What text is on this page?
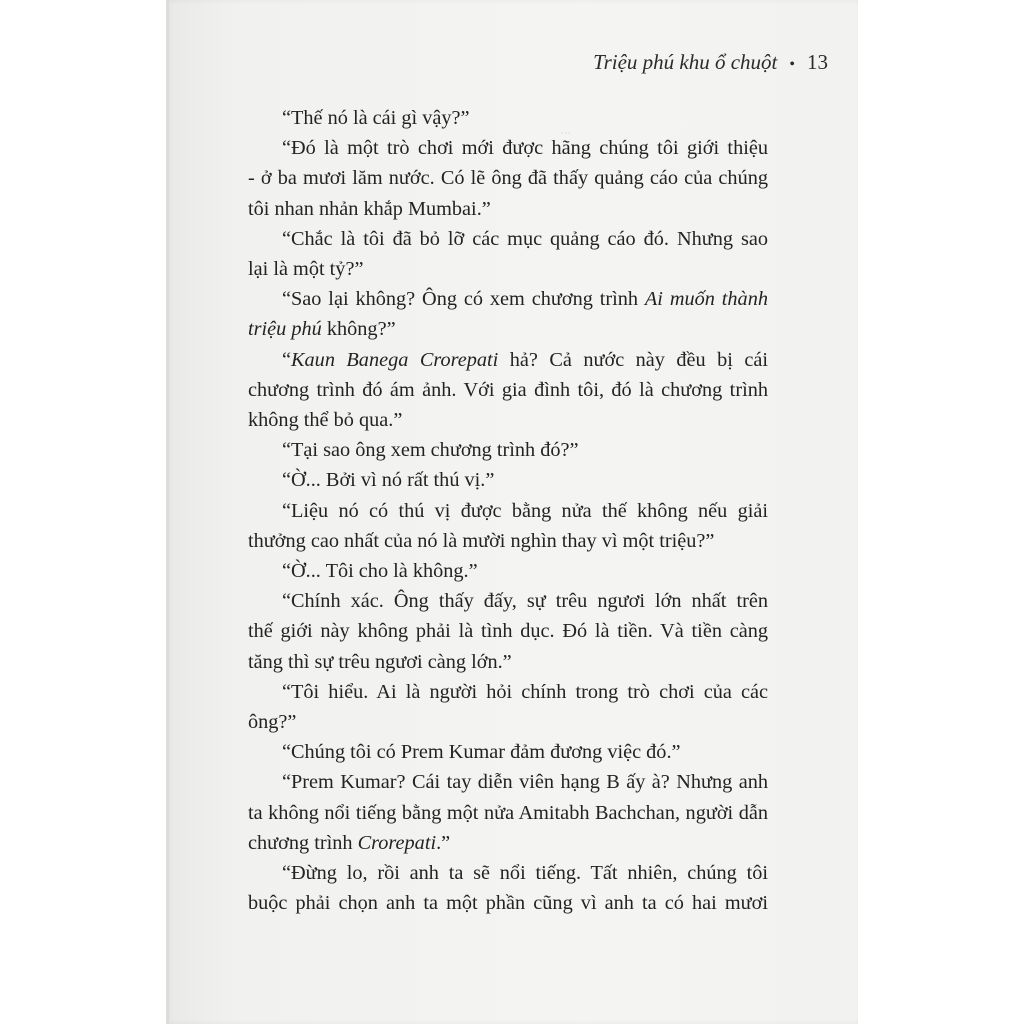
Triệu phú khu ổ chuột • 13

“Thế nó là cái gì vậy?”

“Đó là một trò chơi mới được hãng chúng tôi giới thiệu

- ở ba mươi lăm nước. Có lẽ ông đã thấy quảng cáo của chúng

tôi nhan nhản khắp Mumbai.”

“Chắc là tôi đã bỏ lỡ các mục quảng cáo đó. Nhưng sao

lại là một tỷ?”

“Sao lại không? Ông có xem chương trình Ai muốn thành triệu phú không?”

“Kaun Banega Crorepati hả? Cả nước này đều bị cái chương trình đó ám ảnh. Với gia đình tôi, đó là chương trình không thể bỏ qua.”

“Tại sao ông xem chương trình đó?”

“Ờ... Bởi vì nó rất thú vị.”

“Liệu nó có thú vị được bằng nửa thế không nếu giải

thưởng cao nhất của nó là mười nghìn thay vì một triệu?”

“Ờ... Tôi cho là không.”

“Chính xác. Ông thấy đấy, sự trêu ngươi lớn nhất trên

thế giới này không phải là tình dục. Đó là tiền. Và tiền càng

tăng thì sự trêu ngươi càng lớn.”

“Tôi hiểu. Ai là người hỏi chính trong trò chơi của các

ông?”

“Chúng tôi có Prem Kumar đảm đương việc đó.”

“Prem Kumar? Cái tay diễn viên hạng B ấy à? Nhưng anh ta không nổi tiếng bằng một nửa Amitabh Bachchan, người dẫn chương trình Crorepati.”

“Đừng lo, rồi anh ta sẽ nổi tiếng. Tất nhiên, chúng tôi

buộc phải chọn anh ta một phần cũng vì anh ta có hai mươi
